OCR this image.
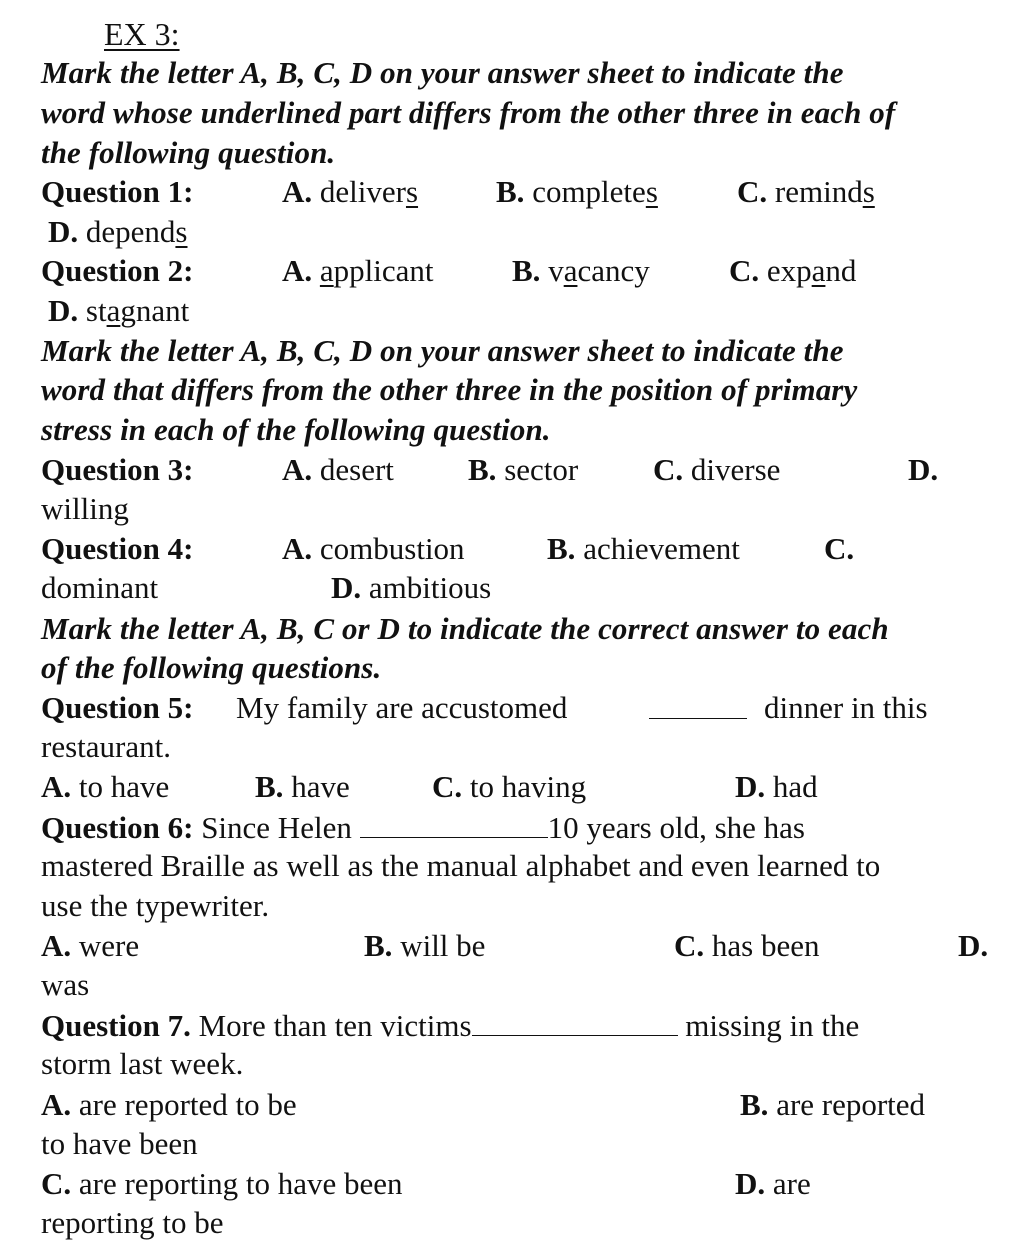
EX 3:
Mark the letter A, B, C, D on your answer sheet to indicate the
word whose underlined part differs from the other three in each of
the following question.
Question 1:	A. delivers	B. completes	C. reminds
D. depends
Question 2:	A. applicant	B. vacancy	C. expand
D. stagnant
Mark the letter A, B, C, D on your answer sheet to indicate the
word that differs from the other three in the position of primary
stress in each of the following question.
Question 3:	A. desert B. sector C. diverse	D.
willing
Question 4:	A. combustion	B. achievement	C.
dominant	D. ambitious
Mark the letter A, B, C or D to indicate the correct answer to each
of the following questions.
Question 5: My family are accustomed	dinner in this
restaurant.
A. to have	B. have	C. to having	D. had
Question 6: Since Helen	10 years old, she has
mastered Braille as well as the manual alphabet and even learned to
use the typewriter.
A. were	B. will be	C. has been	D.
was
Question 7. More than ten victims	missing in the
storm last week.
A. are reported to be	B. are reported
to have been
C. are reporting to have been	D. are
reporting to be
